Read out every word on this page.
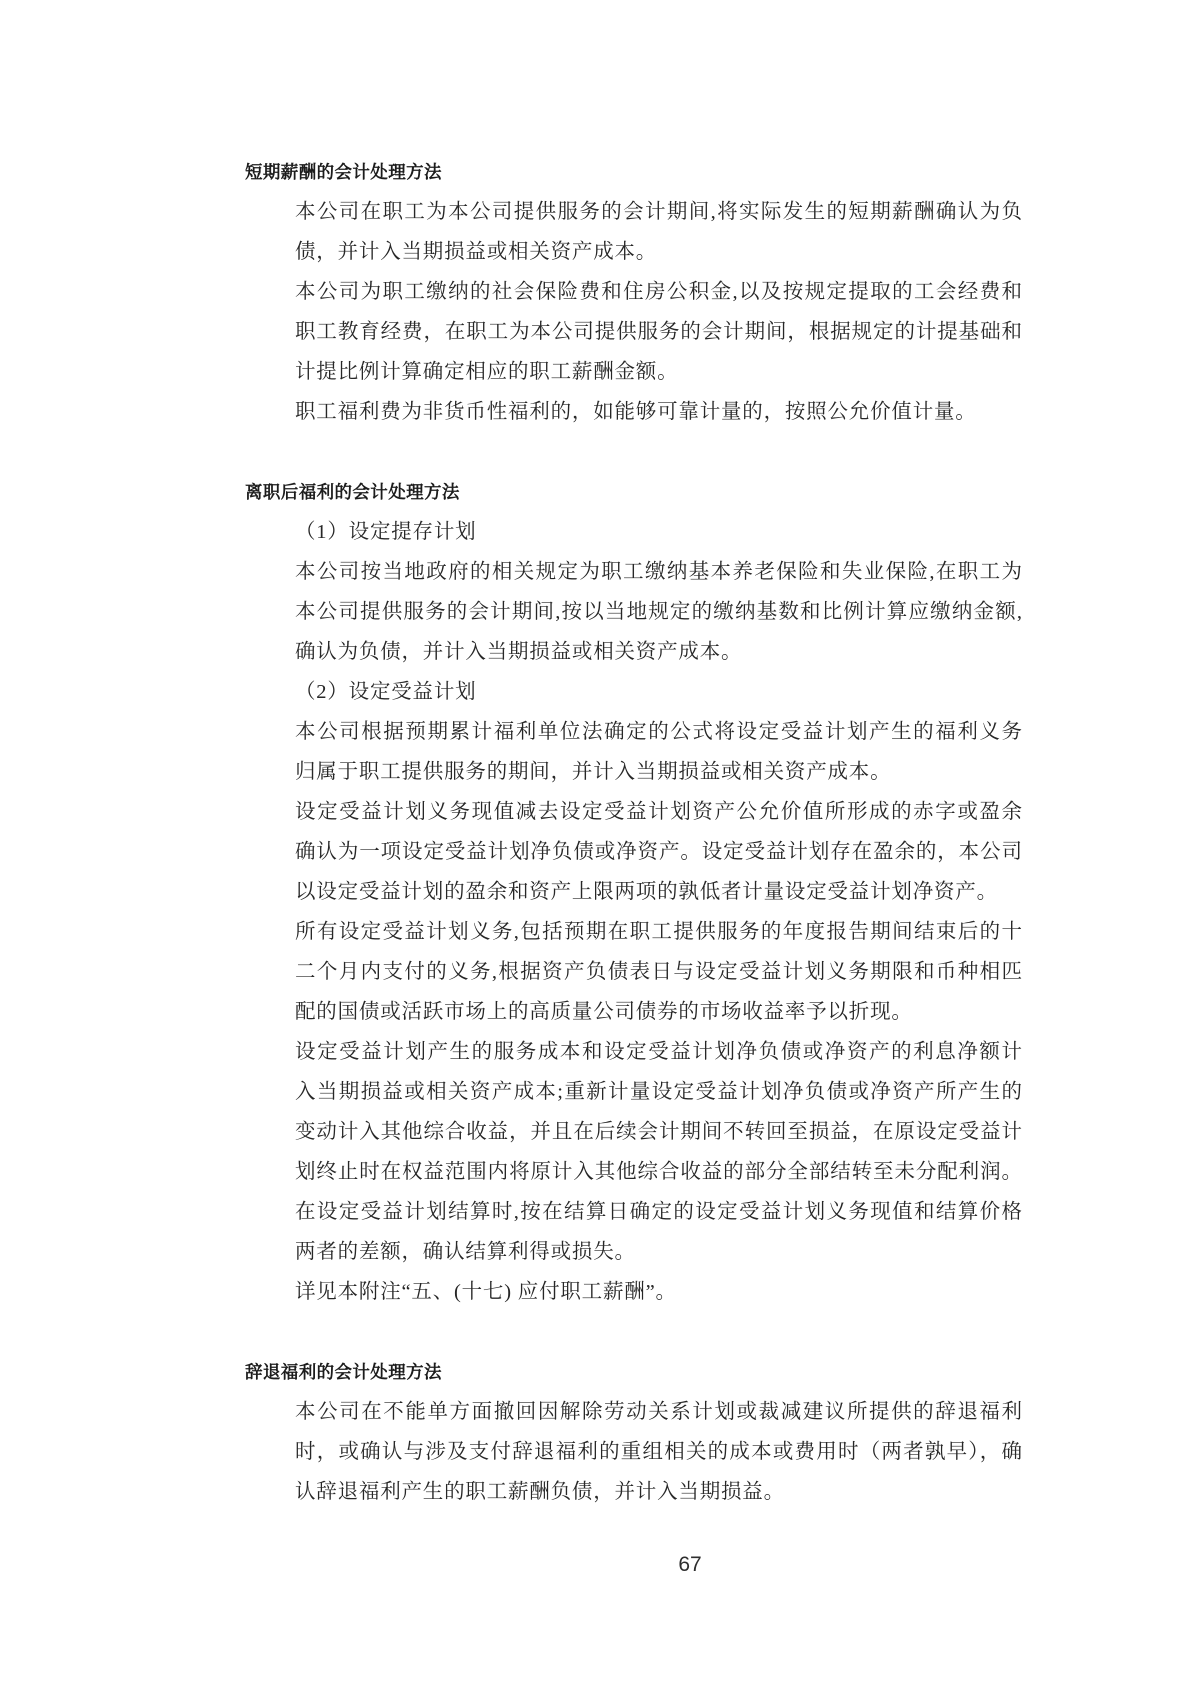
短期薪酬的会计处理方法
本公司在职工为本公司提供服务的会计期间,将实际发生的短期薪酬确认为负
债，并计入当期损益或相关资产成本。
本公司为职工缴纳的社会保险费和住房公积金,以及按规定提取的工会经费和
职工教育经费，在职工为本公司提供服务的会计期间，根据规定的计提基础和
计提比例计算确定相应的职工薪酬金额。
职工福利费为非货币性福利的，如能够可靠计量的，按照公允价值计量。
离职后福利的会计处理方法
（1）设定提存计划
本公司按当地政府的相关规定为职工缴纳基本养老保险和失业保险,在职工为
本公司提供服务的会计期间,按以当地规定的缴纳基数和比例计算应缴纳金额,
确认为负债，并计入当期损益或相关资产成本。
（2）设定受益计划
本公司根据预期累计福利单位法确定的公式将设定受益计划产生的福利义务
归属于职工提供服务的期间，并计入当期损益或相关资产成本。
设定受益计划义务现值减去设定受益计划资产公允价值所形成的赤字或盈余
确认为一项设定受益计划净负债或净资产。设定受益计划存在盈余的，本公司
以设定受益计划的盈余和资产上限两项的孰低者计量设定受益计划净资产。
所有设定受益计划义务,包括预期在职工提供服务的年度报告期间结束后的十
二个月内支付的义务,根据资产负债表日与设定受益计划义务期限和币种相匹
配的国债或活跃市场上的高质量公司债券的市场收益率予以折现。
设定受益计划产生的服务成本和设定受益计划净负债或净资产的利息净额计
入当期损益或相关资产成本;重新计量设定受益计划净负债或净资产所产生的
变动计入其他综合收益，并且在后续会计期间不转回至损益，在原设定受益计
划终止时在权益范围内将原计入其他综合收益的部分全部结转至未分配利润。
在设定受益计划结算时,按在结算日确定的设定受益计划义务现值和结算价格
两者的差额，确认结算利得或损失。
详见本附注“五、(十七) 应付职工薪酬”。
辞退福利的会计处理方法
本公司在不能单方面撤回因解除劳动关系计划或裁减建议所提供的辞退福利
时，或确认与涉及支付辞退福利的重组相关的成本或费用时（两者孰早），确
认辞退福利产生的职工薪酬负债，并计入当期损益。
67
